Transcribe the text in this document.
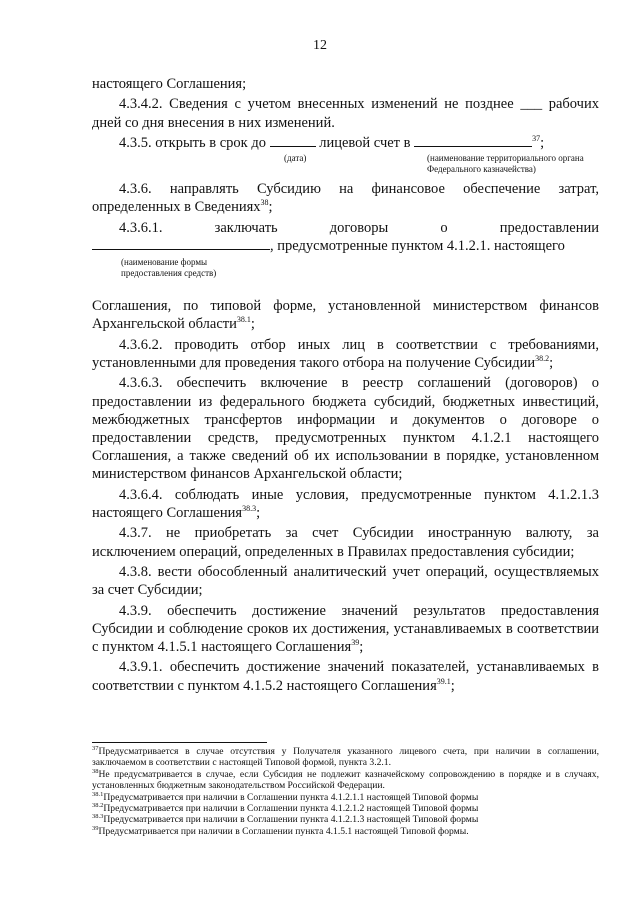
12

настоящего Соглашения;

4.3.4.2. Сведения с учетом внесенных изменений не позднее ___ рабочих дней со дня внесения в них изменений.

4.3.5. открыть в срок до	лицевой счет в	$^{37}$;

(дата)	(наименование территориального органа Федерального казначейства)

4.3.6. направлять Субсидию на финансовое обеспечение затрат, определенных в Сведениях$^{38}$;

4.3.6.1. заключать договоры о предоставлении

, предусмотренные пунктом 4.1.2.1. настоящего

(наименование формы предоставления средств)

Соглашения, по типовой форме, установленной министерством финансов Архангельской области$^{38.1}$;

4.3.6.2. проводить отбор иных лиц в соответствии с требованиями, установленными для проведения такого отбора на получение Субсидии$^{38.2}$;

4.3.6.3. обеспечить включение в реестр соглашений (договоров) о предоставлении из федерального бюджета субсидий, бюджетных инвестиций, межбюджетных трансфертов информации и документов о договоре о предоставлении средств, предусмотренных пунктом 4.1.2.1 настоящего Соглашения, а также сведений об их использовании в порядке, установленном министерством финансов Архангельской области;

4.3.6.4. соблюдать иные условия, предусмотренные пунктом 4.1.2.1.3 настоящего Соглашения$^{38.3}$;

4.3.7. не приобретать за счет Субсидии иностранную валюту, за исключением операций, определенных в Правилах предоставления субсидии;

4.3.8. вести обособленный аналитический учет операций, осуществляемых за счет Субсидии;

4.3.9. обеспечить достижение значений результатов предоставления Субсидии и соблюдение сроков их достижения, устанавливаемых в соответствии с пунктом 4.1.5.1 настоящего Соглашения$^{39}$;

4.3.9.1. обеспечить достижение значений показателей, устанавливаемых в соответствии с пунктом 4.1.5.2 настоящего Соглашения$^{39.1}$;

$^{37}$Предусматривается в случае отсутствия у Получателя указанного лицевого счета, при наличии в соглашении, заключаемом в соответствии с настоящей Типовой формой, пункта 3.2.1.

$^{38}$Не предусматривается в случае, если Субсидия не подлежит казначейскому сопровождению в порядке и в случаях, установленных бюджетным законодательством Российской Федерации.

$^{38.1}$Предусматривается при наличии в Соглашении пункта 4.1.2.1.1 настоящей Типовой формы

$^{38.2}$Предусматривается при наличии в Соглашении пункта 4.1.2.1.2 настоящей Типовой формы

$^{38.3}$Предусматривается при наличии в Соглашении пункта 4.1.2.1.3 настоящей Типовой формы

$^{39}$Предусматривается при наличии в Соглашении пункта 4.1.5.1 настоящей Типовой формы.
